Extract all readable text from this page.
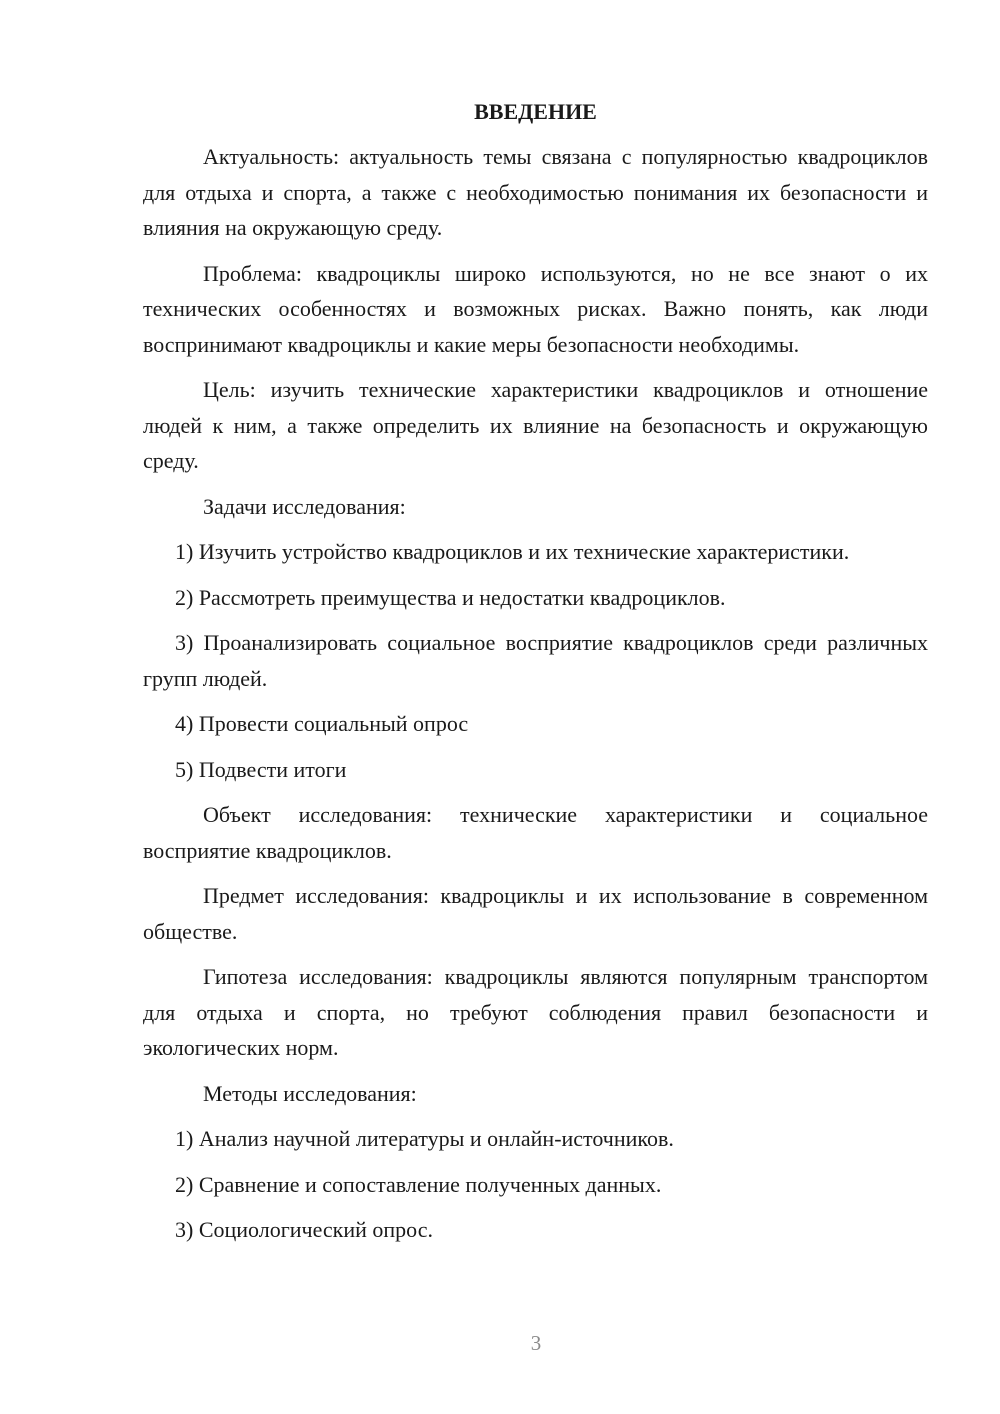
ВВЕДЕНИЕ

Актуальность: актуальность темы связана с популярностью квадроциклов для отдыха и спорта, а также с необходимостью понимания их безопасности и влияния на окружающую среду.

Проблема: квадроциклы широко используются, но не все знают о их технических особенностях и возможных рисках. Важно понять, как люди воспринимают квадроциклы и какие меры безопасности необходимы.

Цель: изучить технические характеристики квадроциклов и отношение людей к ним, а также определить их влияние на безопасность и окружающую среду.

Задачи исследования:

1) Изучить устройство квадроциклов и их технические характеристики.

2) Рассмотреть преимущества и недостатки квадроциклов.

3) Проанализировать социальное восприятие квадроциклов среди различных групп людей.

4) Провести социальный опрос

5) Подвести итоги

Объект исследования: технические характеристики и социальное восприятие квадроциклов.

Предмет исследования: квадроциклы и их использование в современном обществе.

Гипотеза исследования: квадроциклы являются популярным транспортом для отдыха и спорта, но требуют соблюдения правил безопасности и экологических норм.

Методы исследования:

1) Анализ научной литературы и онлайн-источников.

2) Сравнение и сопоставление полученных данных.

3) Социологический опрос.

3
